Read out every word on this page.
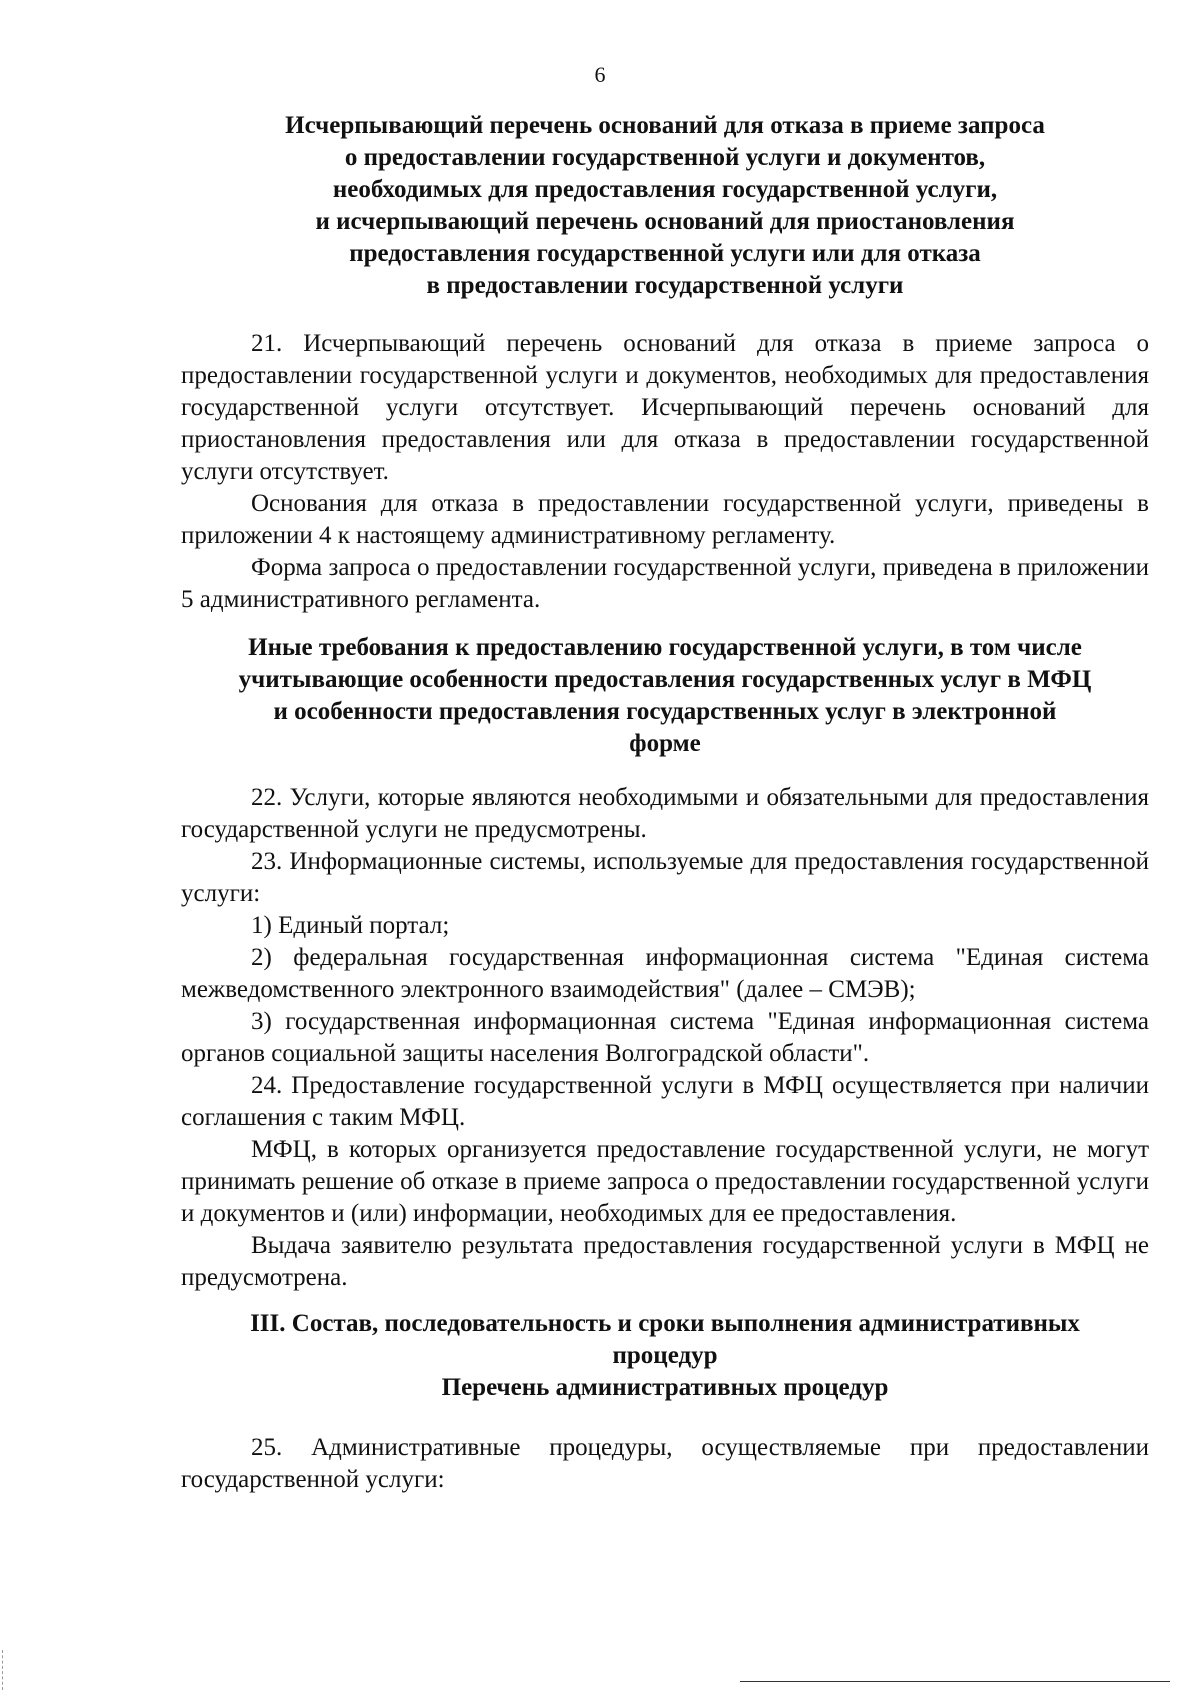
6
Исчерпывающий перечень оснований для отказа в приеме запроса
о предоставлении государственной услуги и документов,
необходимых для предоставления государственной услуги,
и исчерпывающий перечень оснований для приостановления
предоставления государственной услуги или для отказа
в предоставлении государственной услуги

21. Исчерпывающий перечень оснований для отказа в приеме запроса о предоставлении государственной услуги и документов, необходимых для предоставления государственной услуги отсутствует. Исчерпывающий перечень оснований для приостановления предоставления или для отказа в предоставлении государственной услуги отсутствует.

Основания для отказа в предоставлении государственной услуги, приведены в приложении 4 к настоящему административному регламенту.

Форма запроса о предоставлении государственной услуги, приведена в приложении 5 административного регламента.

Иные требования к предоставлению государственной услуги, в том числе
учитывающие особенности предоставления государственных услуг в МФЦ
и особенности предоставления государственных услуг в электронной
форме

22. Услуги, которые являются необходимыми и обязательными для предоставления государственной услуги не предусмотрены.

23. Информационные системы, используемые для предоставления государственной услуги:

1) Единый портал;

2) федеральная государственная информационная система "Единая система межведомственного электронного взаимодействия" (далее – СМЭВ);

3) государственная информационная система "Единая информационная система органов социальной защиты населения Волгоградской области".

24. Предоставление государственной услуги в МФЦ осуществляется при наличии соглашения с таким МФЦ.

МФЦ, в которых организуется предоставление государственной услуги, не могут принимать решение об отказе в приеме запроса о предоставлении государственной услуги и документов и (или) информации, необходимых для ее предоставления.

Выдача заявителю результата предоставления государственной услуги в МФЦ не предусмотрена.

III. Состав, последовательность и сроки выполнения административных
процедур
Перечень административных процедур

25. Административные процедуры, осуществляемые при предоставлении государственной услуги:
